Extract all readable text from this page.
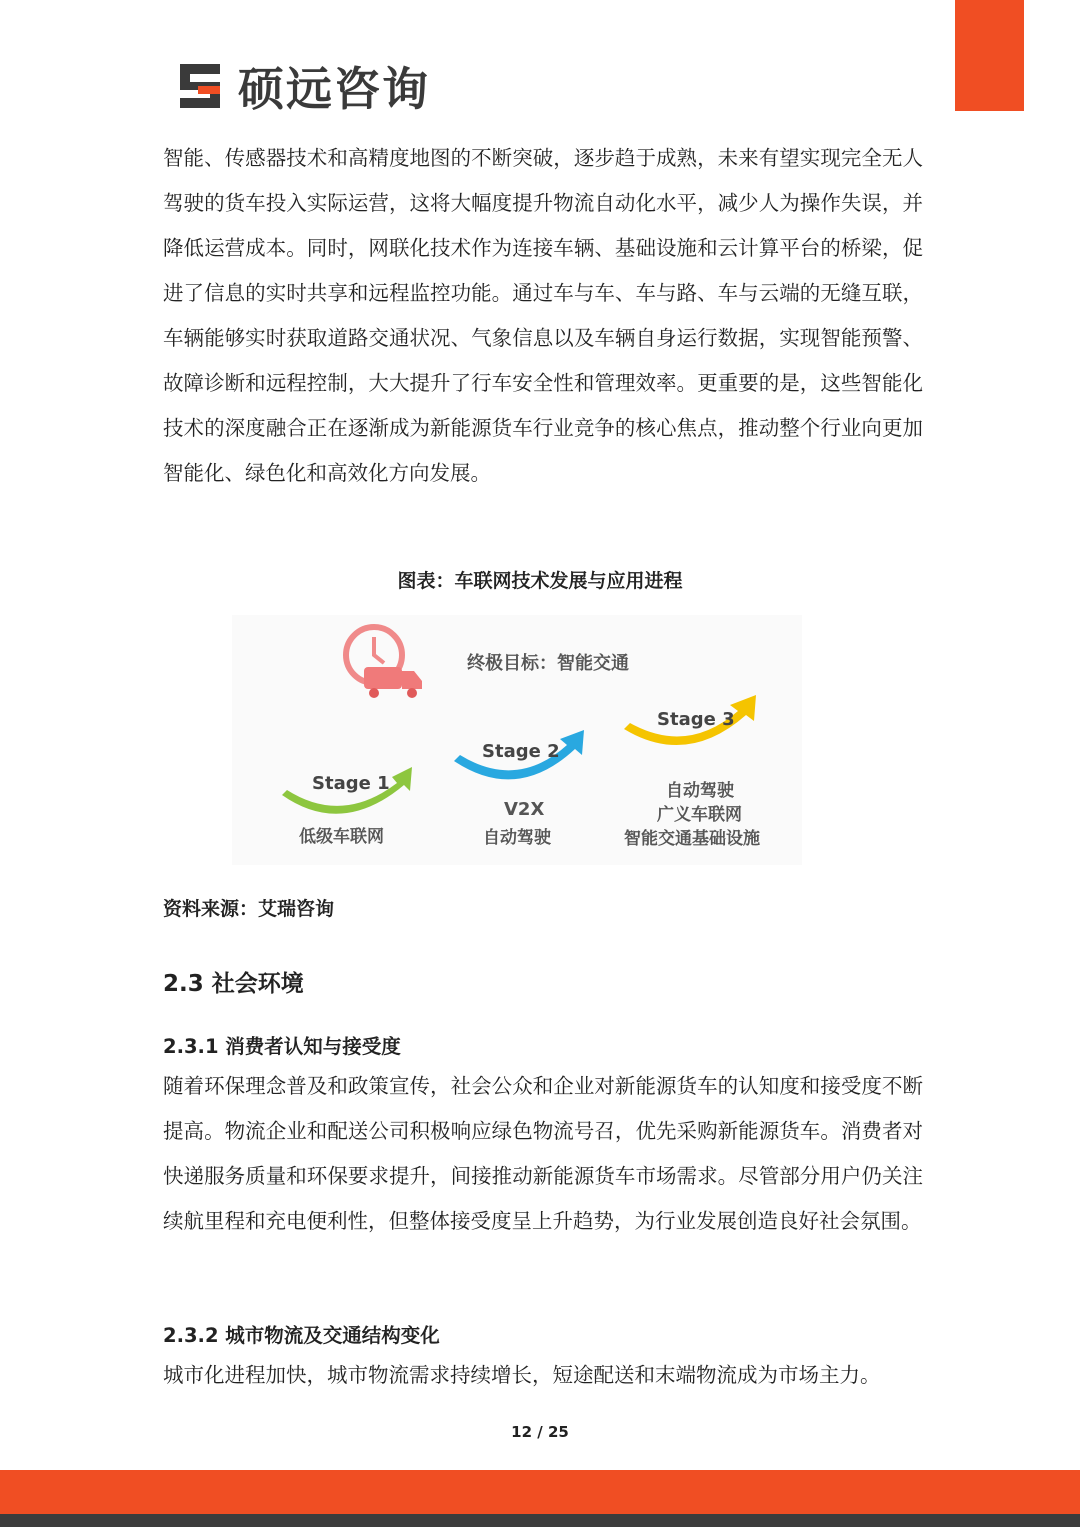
硕远咨询

智能、传感器技术和高精度地图的不断突破，逐步趋于成熟，未来有望实现完全无人驾驶的货车投入实际运营，这将大幅度提升物流自动化水平，减少人为操作失误，并降低运营成本。同时，网联化技术作为连接车辆、基础设施和云计算平台的桥梁，促进了信息的实时共享和远程监控功能。通过车与车、车与路、车与云端的无缝互联，车辆能够实时获取道路交通状况、气象信息以及车辆自身运行数据，实现智能预警、故障诊断和远程控制，大大提升了行车安全性和管理效率。更重要的是，这些智能化技术的深度融合正在逐渐成为新能源货车行业竞争的核心焦点，推动整个行业向更加智能化、绿色化和高效化方向发展。

图表：车联网技术发展与应用进程
终极目标：智能交通
Stage 1
低级车联网
Stage 2
V2X
自动驾驶
Stage 3
自动驾驶
广义车联网
智能交通基础设施
资料来源：艾瑞咨询
2.3 社会环境
2.3.1 消费者认知与接受度

随着环保理念普及和政策宣传，社会公众和企业对新能源货车的认知度和接受度不断提高。物流企业和配送公司积极响应绿色物流号召，优先采购新能源货车。消费者对快递服务质量和环保要求提升，间接推动新能源货车市场需求。尽管部分用户仍关注续航里程和充电便利性，但整体接受度呈上升趋势，为行业发展创造良好社会氛围。

2.3.2 城市物流及交通结构变化

城市化进程加快，城市物流需求持续增长，短途配送和末端物流成为市场主力。

12 / 25
